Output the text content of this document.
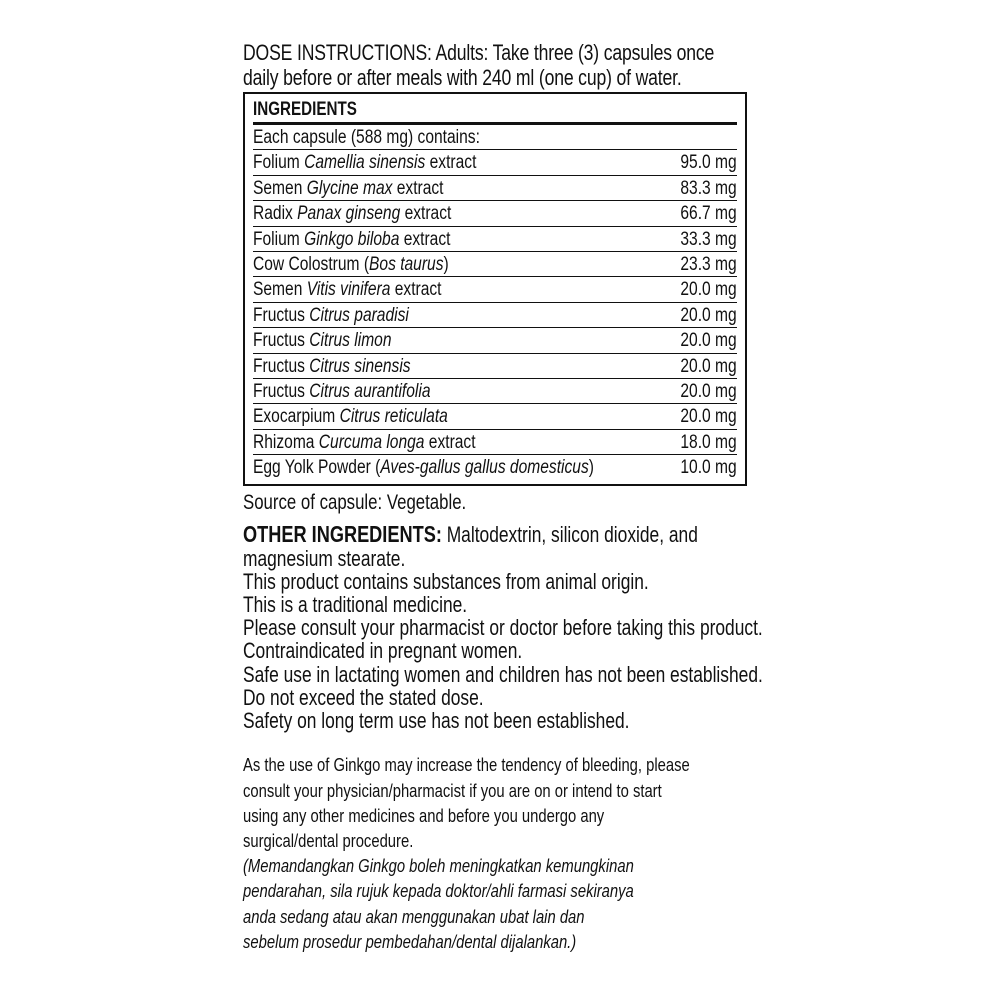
DOSE INSTRUCTIONS: Adults: Take three (3) capsules once
daily before or after meals with 240 ml (one cup) of water.
INGREDIENTS
Each capsule (588 mg) contains:
Folium Camellia sinensis extract	95.0 mg
Semen Glycine max extract	83.3 mg
Radix Panax ginseng extract	66.7 mg
Folium Ginkgo biloba extract	33.3 mg
Cow Colostrum (Bos taurus)	23.3 mg
Semen Vitis vinifera extract	20.0 mg
Fructus Citrus paradisi	20.0 mg
Fructus Citrus limon	20.0 mg
Fructus Citrus sinensis	20.0 mg
Fructus Citrus aurantifolia	20.0 mg
Exocarpium Citrus reticulata	20.0 mg
Rhizoma Curcuma longa extract	18.0 mg
Egg Yolk Powder (Aves-gallus gallus domesticus)	10.0 mg
Source of capsule: Vegetable.
OTHER INGREDIENTS: Maltodextrin, silicon dioxide, and
magnesium stearate.
This product contains substances from animal origin.
This is a traditional medicine.
Please consult your pharmacist or doctor before taking this product.
Contraindicated in pregnant women.
Safe use in lactating women and children has not been established.
Do not exceed the stated dose.
Safety on long term use has not been established.
As the use of Ginkgo may increase the tendency of bleeding, please
consult your physician/pharmacist if you are on or intend to start
using any other medicines and before you undergo any
surgical/dental procedure.
(Memandangkan Ginkgo boleh meningkatkan kemungkinan
pendarahan, sila rujuk kepada doktor/ahli farmasi sekiranya
anda sedang atau akan menggunakan ubat lain dan
sebelum prosedur pembedahan/dental dijalankan.)
